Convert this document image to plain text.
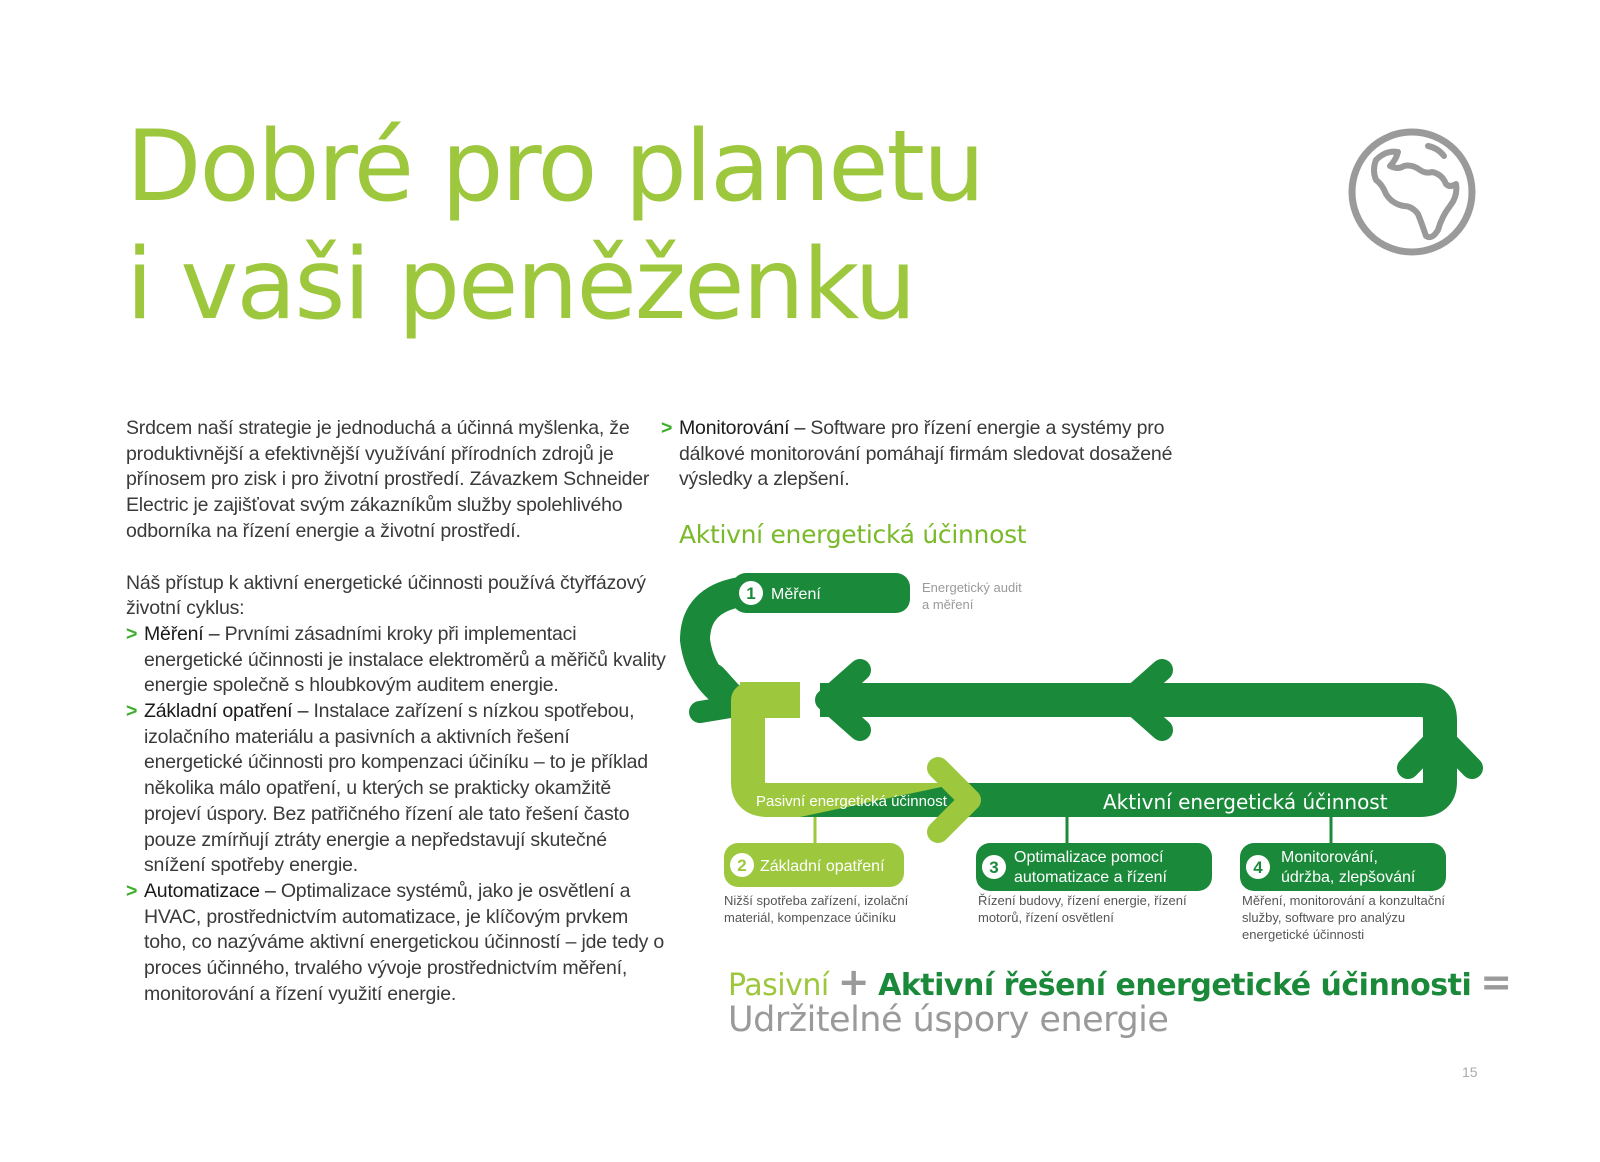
Dobré pro planetu
i vaši peněženku

Srdcem naší strategie je jednoduchá a účinná myšlenka, že produktivnější a efektivnější využívání přírodních zdrojů je přínosem pro zisk i pro životní prostředí. Závazkem Schneider Electric je zajišťovat svým zákazníkům služby spolehlivého odborníka na řízení energie a životní prostředí.

Náš přístup k aktivní energetické účinnosti používá čtyřfázový životní cyklus:

> Měření – Prvními zásadními kroky při implementaci energetické účinnosti je instalace elektroměrů a měřičů kvality energie společně s hloubkovým auditem energie.

> Základní opatření – Instalace zařízení s nízkou spotřebou, izolačního materiálu a pasivních a aktivních řešení energetické účinnosti pro kompenzaci účiníku – to je příklad několika málo opatření, u kterých se prakticky okamžitě projeví úspory. Bez patřičného řízení ale tato řešení často pouze zmírňují ztráty energie a nepředstavují skutečné snížení spotřeby energie.

> Automatizace – Optimalizace systémů, jako je osvětlení a HVAC, prostřednictvím automatizace, je klíčovým prvkem toho, co nazýváme aktivní energetickou účinností – jde tedy o proces účinného, trvalého vývoje prostřednictvím měření, monitorování a řízení využití energie.

> Monitorování – Software pro řízení energie a systémy pro dálkové monitorování pomáhají firmám sledovat dosažené výsledky a zlepšení.

Aktivní energetická účinnost
1 Měření	Energetický audit
a měření
Pasivní energetická účinnost	Aktivní energetická účinnost
2 Základní opatření
Nižší spotřeba zařízení, izolační
materiál, kompenzace účiníku
3
Optimalizace pomocí
automatizace a řízení
Řízení budovy, řízení energie, řízení
motorů, řízení osvětlení
4
Monitorování,
údržba, zlepšování
Měření, monitorování a konzultační
služby, software pro analýzu
energetické účinnosti
Pasivní + Aktivní řešení energetické účinnosti =
Udržitelné úspory energie
15
